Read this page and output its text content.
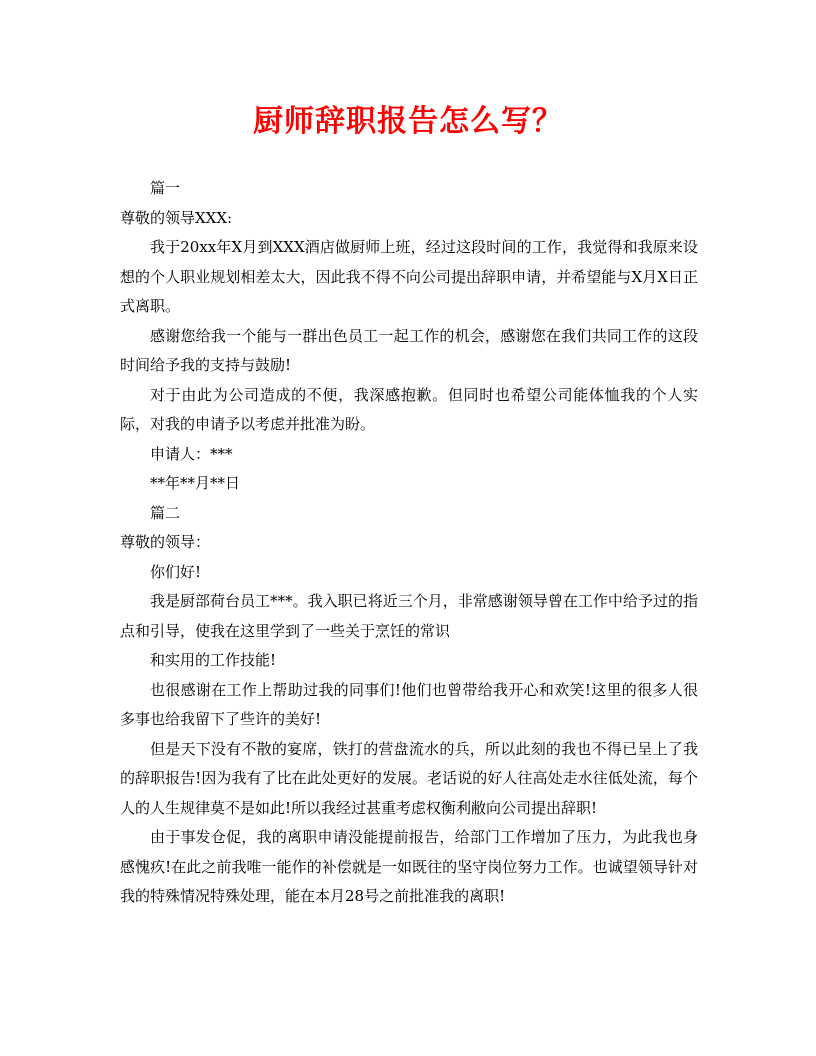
厨师辞职报告怎么写？

篇一

尊敬的领导XXX:

我于20xx年X月到XXX酒店做厨师上班，经过这段时间的工作，我觉得和我原来设想的个人职业规划相差太大，因此我不得不向公司提出辞职申请，并希望能与X月X日正式离职。

感谢您给我一个能与一群出色员工一起工作的机会，感谢您在我们共同工作的这段时间给予我的支持与鼓励!

对于由此为公司造成的不便，我深感抱歉。但同时也希望公司能体恤我的个人实际，对我的申请予以考虑并批准为盼。

申请人：***

**年**月**日

篇二

尊敬的领导：

你们好!

我是厨部荷台员工***。我入职已将近三个月，非常感谢领导曾在工作中给予过的指点和引导，使我在这里学到了一些关于烹饪的常识

和实用的工作技能!

也很感谢在工作上帮助过我的同事们!他们也曾带给我开心和欢笑!这里的很多人很多事也给我留下了些许的美好!

但是天下没有不散的宴席，铁打的营盘流水的兵，所以此刻的我也不得已呈上了我的辞职报告!因为我有了比在此处更好的发展。老话说的好人往高处走水往低处流，每个人的人生规律莫不是如此!所以我经过甚重考虑权衡利敝向公司提出辞职!

由于事发仓促，我的离职申请没能提前报告，给部门工作增加了压力，为此我也身感愧疚!在此之前我唯一能作的补偿就是一如既往的坚守岗位努力工作。也诚望领导针对我的特殊情况特殊处理，能在本月28号之前批准我的离职!
